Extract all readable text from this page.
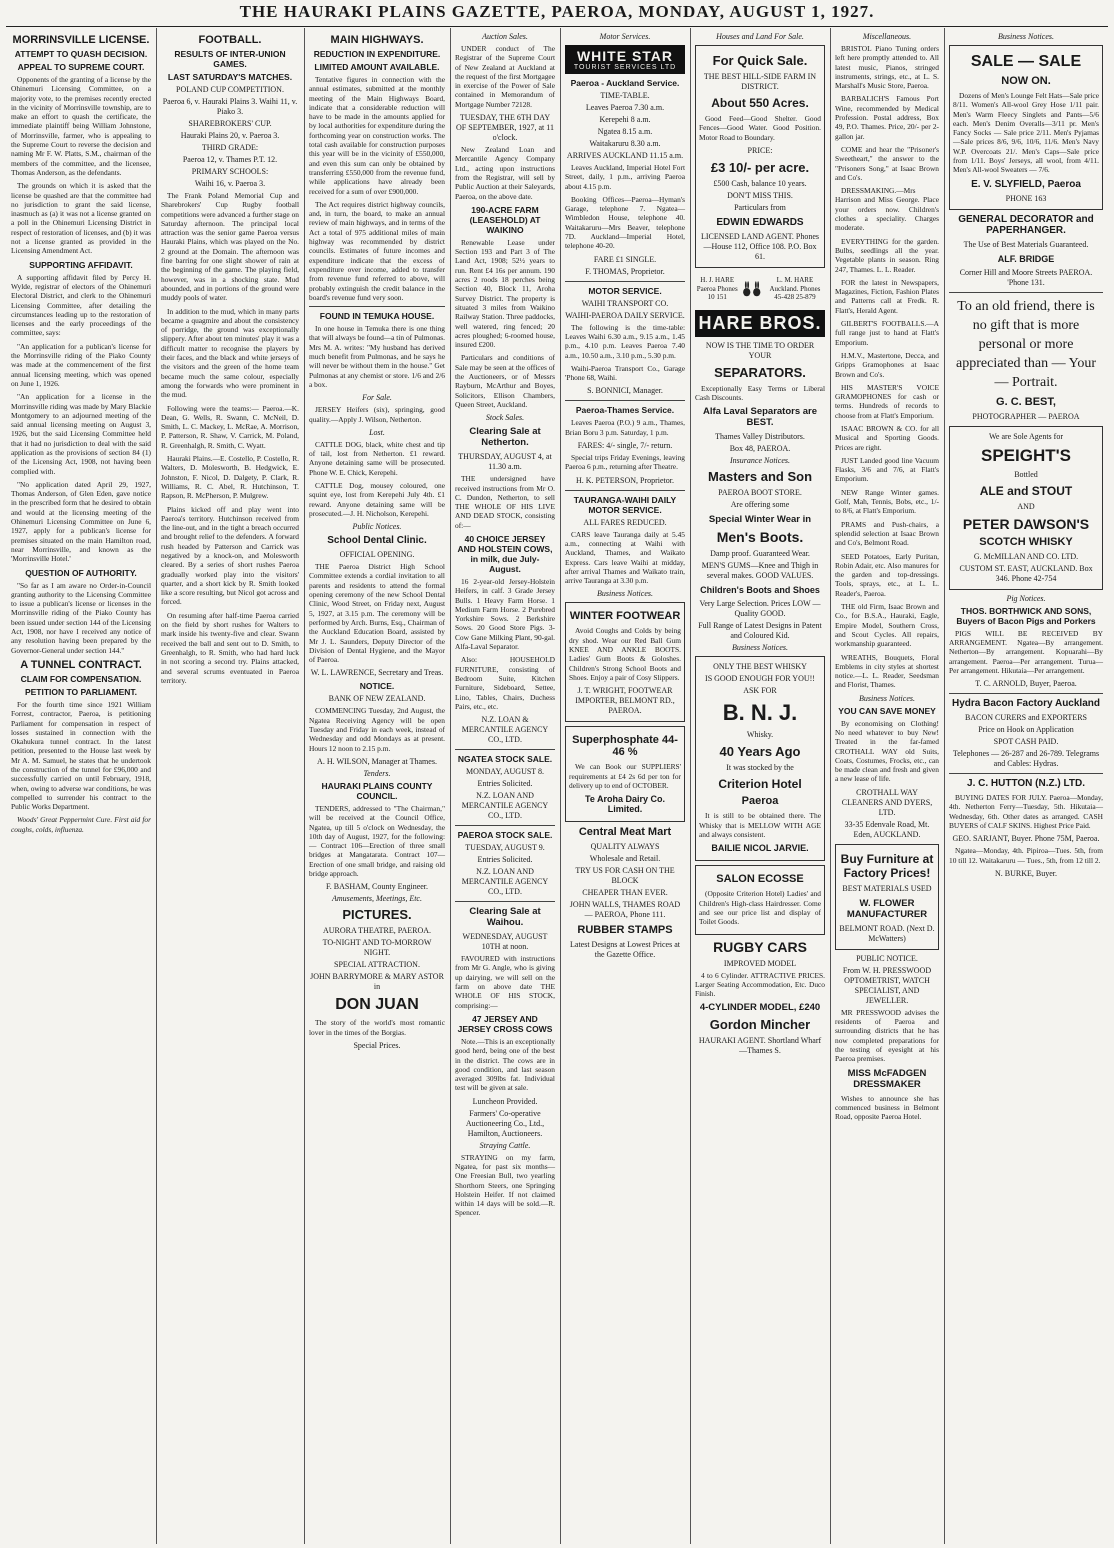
THE HAURAKI PLAINS GAZETTE, PAEROA, MONDAY, AUGUST 1, 1927.
MORRINSVILLE LICENSE.
ATTEMPT TO QUASH DECISION.
APPEAL TO SUPREME COURT.

Opponents of the granting of a license by the Ohinemuri Licensing Committee, on a majority vote, to the premises recently erected in the vicinity of Morrinsville township, are to make an effort to quash the certificate, the immediate plaintiff being William Johnstone, of Morrinsville, farmer, who is appealing to the Supreme Court to reverse the decision and naming Mr F. W. Platts, S.M., chairman of the members of the committee, and the licensee, Thomas Anderson, as the defendants.

The grounds on which it is asked that the license be quashed are that the committee had no jurisdiction to grant the said license, inasmuch as (a) it was not a license granted on a poll in the Ohinemuri Licensing District in respect of restoration of licenses, and (b) it was not a license granted as provided in the Licensing Amendment Act.

SUPPORTING AFFIDAVIT.

A supporting affidavit filed by Percy H. Wylde, registrar of electors of the Ohinemuri Electoral District, and clerk to the Ohinemuri Licensing Committee, after detailing the circumstances leading up to the restoration of licenses and the early proceedings of the committee, says:

"An application for a publican's license for the Morrinsville riding of the Piako County was made at the commencement of the first annual licensing meeting, which was opened on June 1, 1926.

"An application for a license in the Morrinsville riding was made by Mary Blackie Montgomery to an adjourned meeting of the said annual licensing meeting on August 3, 1926, but the said Licensing Committee held that it had no jurisdiction to deal with the said application as the provisions of section 84 (1) of the Licensing Act, 1908, not having been complied with.

"No application dated April 29, 1927, Thomas Anderson, of Glen Eden, gave notice in the prescribed form that he desired to obtain and would at the licensing meeting of the Ohinemuri Licensing Committee on June 6, 1927, apply for a publican's license for premises situated on the main Hamilton road, near Morrinsville, and known as the 'Morrinsville Hotel.'

QUESTION OF AUTHORITY.

"So far as I am aware no Order-in-Council granting authority to the Licensing Committee to issue a publican's license or licenses in the Morrinsville riding of the Piako County has been issued under section 144 of the Licensing Act, 1908, nor have I received any notice of any resolution having been prepared by the Governor-General under section 144."

A TUNNEL CONTRACT.
CLAIM FOR COMPENSATION.
PETITION TO PARLIAMENT.

For the fourth time since 1921 William Forrest, contractor, Paeroa, is petitioning Parliament for compensation in respect of losses sustained in connection with the Okahukura tunnel contract. In the latest petition, presented to the House last week by Mr A. M. Samuel, he states that he undertook the construction of the tunnel for £96,000 and successfully carried on until February, 1918, when, owing to adverse war conditions, he was compelled to surrender his contract to the Public Works Department.

Woods' Great Peppermint Cure. First aid for coughs, colds, influenza.

FOOTBALL.
RESULTS OF INTER-UNION GAMES.
LAST SATURDAY'S MATCHES.
POLAND CUP COMPETITION.
Paeroa 6, v. Hauraki Plains 3. Waihi 11, v. Piako 3.
SHAREBROKERS' CUP.
Hauraki Plains 20, v. Paeroa 3.
THIRD GRADE:
Paeroa 12, v. Thames P.T. 12.
PRIMARY SCHOOLS:
Waihi 16, v. Paeroa 3.

The Frank Poland Memorial Cup and Sharebrokers' Cup Rugby football competitions were advanced a further stage on Saturday afternoon. The principal local attraction was the senior game Paeroa versus Hauraki Plains, which was played on the No. 2 ground at the Domain. The afternoon was fine barring for one slight shower of rain at the beginning of the game. The playing field, however, was in a shocking state. Mud abounded, and in portions of the ground were muddy pools of water.

In addition to the mud, which in many parts became a quagmire and about the consistency of porridge, the ground was exceptionally slippery. After about ten minutes' play it was a difficult matter to recognise the players by their faces, and the black and white jerseys of the visitors and the green of the home team became much the same colour, especially among the forwards who were prominent in the mud.

Following were the teams:— Paeroa.—K. Dean, G. Wells, R. Swann, C. McNeil, D. Smith, L. C. Mackey, L. McRae, A. Morrison, P. Patterson, R. Shaw, V. Carrick, M. Poland, R. Greenhalgh, R. Smith, C. Wyatt.

Hauraki Plains.—E. Costello, P. Costello, R. Walters, D. Molesworth, B. Hedgwick, E. Johnston, F. Nicol, D. Dalgety, P. Clark, R. Williams, R. C. Abel, R. Hutchinson, T. Rapson, R. McPherson, P. Mulgrew.

Plains kicked off and play went into Paeroa's territory. Hutchinson received from the line-out, and in the tight a breach occurred and brought relief to the defenders. A forward rush headed by Patterson and Carrick was negatived by a knock-on, and Molesworth cleared. By a series of short rushes Paeroa gradually worked play into the visitors' quarter, and a short kick by R. Smith looked like a score resulting, but Nicol got across and forced.

On resuming after half-time Paeroa carried on the field by short rushes for Walters to mark inside his twenty-five and clear. Swann received the ball and sent out to D. Smith, to Greenhalgh, to R. Smith, who had hard luck in not scoring a second try. Plains attacked, and several scrums eventuated in Paeroa territory.

MAIN HIGHWAYS.
REDUCTION IN EXPENDITURE.
LIMITED AMOUNT AVAILABLE.

Tentative figures in connection with the annual estimates, submitted at the monthly meeting of the Main Highways Board, indicate that a considerable reduction will have to be made in the amounts applied for by local authorities for expenditure during the forthcoming year on construction works. The total cash available for construction purposes this year will be in the vicinity of £550,000, and even this sum can only be obtained by transferring £550,000 from the revenue fund, while applications have already been received for a sum of over £900,000.

The Act requires district highway councils, and, in turn, the board, to make an annual review of main highways, and in terms of the Act a total of 975 additional miles of main highway was recommended by district councils. Estimates of future incomes and expenditure indicate that the excess of expenditure over income, added to transfer from revenue fund referred to above, will probably extinguish the credit balance in the board's revenue fund very soon.

FOUND IN TEMUKA HOUSE.

In one house in Temuka there is one thing that will always be found—a tin of Pulmonas. Mrs M. A. writes: "My husband has derived much benefit from Pulmonas, and he says he will never be without them in the house." Get Pulmonas at any chemist or store. 1/6 and 2/6 a box.

For Sale.

JERSEY Heifers (six), springing, good quality.—Apply J. Wilson, Netherton.

Lost.

CATTLE DOG, black, white chest and tip of tail, lost from Netherton. £1 reward. Anyone detaining same will be prosecuted. Phone W. E. Chick, Kerepehi.

CATTLE Dog, mousey coloured, one squint eye, lost from Kerepehi July 4th. £1 reward. Anyone detaining same will be prosecuted.—J. H. Nicholson, Kerepehi.

Public Notices.
School Dental Clinic.
OFFICIAL OPENING.

THE Paeroa District High School Committee extends a cordial invitation to all parents and residents to attend the formal opening ceremony of the new School Dental Clinic, Wood Street, on Friday next, August 5, 1927, at 3.15 p.m. The ceremony will be performed by Arch. Burns, Esq., Chairman of the Auckland Education Board, assisted by Mr J. L. Saunders, Deputy Director of the Division of Dental Hygiene, and the Mayor of Paeroa.

W. L. LAWRENCE, Secretary and Treas.
NOTICE.
BANK OF NEW ZEALAND.

COMMENCING Tuesday, 2nd August, the Ngatea Receiving Agency will be open Tuesday and Friday in each week, instead of Wednesday and odd Mondays as at present. Hours 12 noon to 2.15 p.m.

A. H. WILSON, Manager at Thames.
Tenders.
HAURAKI PLAINS COUNTY COUNCIL.

TENDERS, addressed to "The Chairman," will be received at the Council Office, Ngatea, up till 5 o'clock on Wednesday, the 10th day of August, 1927, for the following:— Contract 106—Erection of three small bridges at Mangatarata. Contract 107—Erection of one small bridge, and raising old bridge approach.

F. BASHAM, County Engineer.
Amusements, Meetings, Etc.
PICTURES.
AURORA THEATRE, PAEROA.
TO-NIGHT AND TO-MORROW NIGHT.
SPECIAL ATTRACTION.
JOHN BARRYMORE & MARY ASTOR in
DON JUAN

The story of the world's most romantic lover in the times of the Borgias.

Special Prices.
Auction Sales.

UNDER conduct of The Registrar of the Supreme Court of New Zealand at Auckland at the request of the first Mortgagee in exercise of the Power of Sale contained in Memorandum of Mortgage Number 72128.

TUESDAY, THE 6TH DAY OF SEPTEMBER, 1927, at 11 o'clock.

New Zealand Loan and Mercantile Agency Company Ltd., acting upon instructions from the Registrar, will sell by Public Auction at their Saleyards, Paeroa, on the above date.

190-ACRE FARM (LEASEHOLD) AT WAIKINO

Renewable Lease under Section 193 and Part 3 of The Land Act, 1908; 52½ years to run. Rent £4 16s per annum. 190 acres 2 roods 18 perches being Section 40, Block 11, Aroha Survey District. The property is situated 3 miles from Waikino Railway Station. Three paddocks, well watered, ring fenced; 20 acres ploughed; 6-roomed house, insured £200.

Particulars and conditions of Sale may be seen at the offices of the Auctioneers, or of Messrs Rayburn, McArthur and Boyes, Solicitors, Ellison Chambers, Queen Street, Auckland.

Stock Sales.
Clearing Sale at Netherton.
THURSDAY, AUGUST 4, at 11.30 a.m.

THE undersigned have received instructions from Mr O. C. Dundon, Netherton, to sell THE WHOLE OF HIS LIVE AND DEAD STOCK, consisting of:—

40 CHOICE JERSEY AND HOLSTEIN COWS, in milk, due July-August.

16 2-year-old Jersey-Holstein Heifers, in calf. 3 Grade Jersey Bulls. 1 Heavy Farm Horse. 1 Medium Farm Horse. 2 Purebred Yorkshire Sows. 2 Berkshire Sows. 20 Good Store Pigs. 3-Cow Gane Milking Plant, 90-gal. Alfa-Laval Separator.

Also: HOUSEHOLD FURNITURE, consisting of Bedroom Suite, Kitchen Furniture, Sideboard, Settee, Lino, Tables, Chairs, Duchess Pairs, etc., etc.

N.Z. LOAN & MERCANTILE AGENCY CO., LTD.
NGATEA STOCK SALE.
MONDAY, AUGUST 8.
Entries Solicited.
N.Z. LOAN AND MERCANTILE AGENCY CO., LTD.
PAEROA STOCK SALE.
TUESDAY, AUGUST 9.
Entries Solicited.
N.Z. LOAN AND MERCANTILE AGENCY CO., LTD.
Clearing Sale at Waihou.
WEDNESDAY, AUGUST 10TH at noon.

FAVOURED with instructions from Mr G. Angle, who is giving up dairying, we will sell on the farm on above date THE WHOLE OF HIS STOCK, comprising:—

47 JERSEY AND JERSEY CROSS COWS

Note.—This is an exceptionally good herd, being one of the best in the district. The cows are in good condition, and last season averaged 309lbs fat. Individual test will be given at sale.

Luncheon Provided.
Farmers' Co-operative Auctioneering Co., Ltd., Hamilton, Auctioneers.
Straying Cattle.

STRAYING on my farm, Ngatea, for past six months—One Freesian Bull, two yearling Shorthorn Steers, one Springing Holstein Heifer. If not claimed within 14 days will be sold.—R. Spencer.

Motor Services.
WHITE STAR
TOURIST SERVICES LTD
Paeroa - Auckland Service.
TIME-TABLE.
Leaves Paeroa 7.30 a.m.
Kerepehi 8 a.m.
Ngatea 8.15 a.m.
Waitakaruru 8.30 a.m.
ARRIVES AUCKLAND 11.15 a.m.

Leaves Auckland, Imperial Hotel Fort Street, daily, 1 p.m., arriving Paeroa about 4.15 p.m.

Booking Offices—Paeroa—Hyman's Garage, telephone 7. Ngatea—Wimbledon House, telephone 40. Waitakaruru—Mrs Beaver, telephone 7D. Auckland—Imperial Hotel, telephone 40-20.

FARE £1 SINGLE.
F. THOMAS, Proprietor.
MOTOR SERVICE.
WAIHI TRANSPORT CO.
WAIHI-PAEROA DAILY SERVICE.

The following is the time-table: Leaves Waihi 6.30 a.m., 9.15 a.m., 1.45 p.m., 4.10 p.m. Leaves Paeroa 7.40 a.m., 10.50 a.m., 3.10 p.m., 5.30 p.m.

Waihi-Paeroa Transport Co., Garage 'Phone 68, Waihi.

S. BONNICI, Manager.
Paeroa-Thames Service.

Leaves Paeroa (P.O.) 9 a.m., Thames, Brian Boru 3 p.m. Saturday, 1 p.m.

FARES: 4/- single, 7/- return.

Special trips Friday Evenings, leaving Paeroa 6 p.m., returning after Theatre.

H. K. PETERSON, Proprietor.
TAURANGA-WAIHI DAILY MOTOR SERVICE.
ALL FARES REDUCED.

CARS leave Tauranga daily at 5.45 a.m., connecting at Waihi with Auckland, Thames, and Waikato Express. Cars leave Waihi at midday, after arrival Thames and Waikato train, arrive Tauranga at 3.30 p.m.

Business Notices.
WINTER FOOTWEAR

Avoid Coughs and Colds by being dry shod. Wear our Red Ball Gum KNEE AND ANKLE BOOTS. Ladies' Gum Boots & Goloshes. Children's Strong School Boots and Shoes. Enjoy a pair of Cosy Slippers.

J. T. WRIGHT, FOOTWEAR IMPORTER, BELMONT RD., PAEROA.
Superphosphate 44-46 %

We can Book our SUPPLIERS' requirements at £4 2s 6d per ton for delivery up to end of OCTOBER.

Te Aroha Dairy Co. Limited.
Central Meat Mart
QUALITY ALWAYS
Wholesale and Retail.
TRY US FOR CASH ON THE BLOCK
CHEAPER THAN EVER.
JOHN WALLS, THAMES ROAD — PAEROA, Phone 111.
RUBBER STAMPS
Latest Designs at Lowest Prices at the Gazette Office.
Houses and Land For Sale.
For Quick Sale.
THE BEST HILL-SIDE FARM IN DISTRICT.
About 550 Acres.

Good Feed—Good Shelter. Good Fences—Good Water. Good Position. Motor Road to Boundary.

PRICE:
£3 10/- per acre.
£500 Cash, balance 10 years.
DON'T MISS THIS.
Particulars from
EDWIN EDWARDS
LICENSED LAND AGENT. Phones—House 112, Office 108. P.O. Box 61.
H. J. HARE Paeroa Phones 10 151
L. M. HARE Auckland. Phones 45-428 25-879
HARE BROS.
NOW IS THE TIME TO ORDER YOUR
SEPARATORS.

Exceptionally Easy Terms or Liberal Cash Discounts.

Alfa Laval Separators are BEST.
Thames Valley Distributors.
Box 48, PAEROA.
Insurance Notices.
Masters and Son
PAEROA BOOT STORE.
Are offering some
Special Winter Wear in
Men's Boots.
Damp proof. Guaranteed Wear.
MEN'S GUMS—Knee and Thigh in several makes. GOOD VALUES.
Children's Boots and Shoes
Very Large Selection. Prices LOW — Quality GOOD.
Full Range of Latest Designs in Patent and Coloured Kid.
Business Notices.
ONLY THE BEST WHISKY
IS GOOD ENOUGH FOR YOU!!
ASK FOR
B. N. J.
Whisky.
40 Years Ago
It was stocked by the
Criterion Hotel
Paeroa

It is still to be obtained there. The Whisky that is MELLOW WITH AGE and always consistent.

BAILIE NICOL JARVIE.
SALON ECOSSE

(Opposite Criterion Hotel) Ladies' and Children's High-class Hairdresser. Come and see our price list and display of Toilet Goods.

RUGBY CARS
IMPROVED MODEL

4 to 6 Cylinder. ATTRACTIVE PRICES. Larger Seating Accommodation, Etc. Duco Finish.

4-CYLINDER MODEL, £240
Gordon Mincher
HAURAKI AGENT. Shortland Wharf—Thames S.
Miscellaneous.

BRISTOL Piano Tuning orders left here promptly attended to. All latest music, Pianos, stringed instruments, strings, etc., at L. S. Marshall's Music Store, Paeroa.

BARBALICH'S Famous Port Wine, recommended by Medical Profession. Postal address, Box 49, P.O. Thames. Price, 20/- per 2-gallon jar.

COME and hear the "Prisoner's Sweetheart," the answer to the "Prisoners Song," at Isaac Brown and Co's.

DRESSMAKING.—Mrs Harrison and Miss George. Place your orders now. Children's clothes a speciality. Charges moderate.

EVERYTHING for the garden. Bulbs, seedlings all the year. Vegetable plants in season. Ring 247, Thames. L. L. Reader.

FOR the latest in Newspapers, Magazines, Fiction, Fashion Plates and Patterns call at Fredk. R. Flatt's, Herald Agent.

GILBERT'S FOOTBALLS.—A full range just to hand at Flatt's Emporium.

H.M.V., Mastertone, Decca, and Gripps Gramophones at Isaac Brown and Co's.

HIS MASTER'S VOICE GRAMOPHONES for cash or terms. Hundreds of records to choose from at Flatt's Emporium.

ISAAC BROWN & CO. for all Musical and Sporting Goods. Prices are right.

JUST Landed good line Vacuum Flasks, 3/6 and 7/6, at Flatt's Emporium.

NEW Range Winter games. Golf, Mah, Tennis, Bobs, etc., 1/- to 8/6, at Flatt's Emporium.

PRAMS and Push-chairs, a splendid selection at Isaac Brown and Co's, Belmont Road.

SEED Potatoes, Early Puritan, Robin Adair, etc. Also manures for the garden and top-dressings. Tools, sprays, etc., at L. L. Reader's, Paeroa.

THE old Firm, Isaac Brown and Co., for B.S.A., Hauraki, Eagle, Empire Model, Southern Cross, and Scout Cycles. All repairs, workmanship guaranteed.

WREATHS, Bouquets, Floral Emblems in city styles at shortest notice.—L. L. Reader, Seedsman and Florist, Thames.

Business Notices.
YOU CAN SAVE MONEY

By economising on Clothing! No need whatever to buy New! Treated in the far-famed CROTHALL WAY old Suits, Coats, Costumes, Frocks, etc., can be made clean and fresh and given a new lease of life.

CROTHALL WAY CLEANERS AND DYERS, LTD.
33-35 Edenvale Road, Mt. Eden, AUCKLAND.
Buy Furniture at Factory Prices!
BEST MATERIALS USED
W. FLOWER MANUFACTURER
BELMONT ROAD. (Next D. McWatters)
PUBLIC NOTICE.
From W. H. PRESSWOOD OPTOMETRIST, WATCH SPECIALIST, AND JEWELLER.

MR PRESSWOOD advises the residents of Paeroa and surrounding districts that he has now completed preparations for the testing of eyesight at his Paeroa premises.

MISS McFADGEN DRESSMAKER

Wishes to announce she has commenced business in Belmont Road, opposite Paeroa Hotel.

Business Notices.
SALE — SALE
NOW ON.

Dozens of Men's Lounge Felt Hats—Sale price 8/11. Women's All-wool Grey Hose 1/11 pair. Men's Warm Fleecy Singlets and Pants—5/6 each. Men's Denim Overalls—3/11 pr. Men's Fancy Socks — Sale price 2/11. Men's Pyjamas—Sale prices 8/6, 9/6, 10/6, 11/6. Men's Navy W.P. Overcoats 21/. Men's Caps—Sale price from 1/11. Boys' Jerseys, all wool, from 4/11. Men's All-wool Sweaters — 7/6.

E. V. SLYFIELD, Paeroa
PHONE 163
GENERAL DECORATOR and PAPERHANGER.
The Use of Best Materials Guaranteed.
ALF. BRIDGE
Corner Hill and Moore Streets PAEROA. 'Phone 131.
To an old friend, there is no gift that is more personal or more appreciated than — Your — Portrait.
G. C. BEST,
PHOTOGRAPHER — PAEROA
We are Sole Agents for
SPEIGHT'S
Bottled
ALE and STOUT
AND
PETER DAWSON'S
SCOTCH WHISKY
G. McMILLAN AND CO. LTD.
CUSTOM ST. EAST, AUCKLAND. Box 346. Phone 42-754
Pig Notices.
THOS. BORTHWICK AND SONS, Buyers of Bacon Pigs and Porkers

PIGS WILL BE RECEIVED BY ARRANGEMENT. Ngatea—By arrangement. Netherton—By arrangement. Kopuarahi—By arrangement. Paeroa—Per arrangement. Turua—Per arrangement. Hikutaia—Per arrangement.

T. C. ARNOLD, Buyer, Paeroa.
Hydra Bacon Factory Auckland
BACON CURERS and EXPORTERS
Price on Hook on Application
SPOT CASH PAID.
Telephones — 26-287 and 26-789. Telegrams and Cables: Hydras.
J. C. HUTTON (N.Z.) LTD.

BUYING DATES FOR JULY. Paeroa—Monday, 4th. Netherton Ferry—Tuesday, 5th. Hikutaia—Wednesday, 6th. Other dates as arranged. CASH BUYERS of CALF SKINS. Highest Price Paid.

GEO. SARJANT, Buyer. Phone 75M, Paeroa.

Ngatea—Monday, 4th. Pipiroa—Tues. 5th, from 10 till 12. Waitakaruru — Tues., 5th, from 12 till 2.

N. BURKE, Buyer.
